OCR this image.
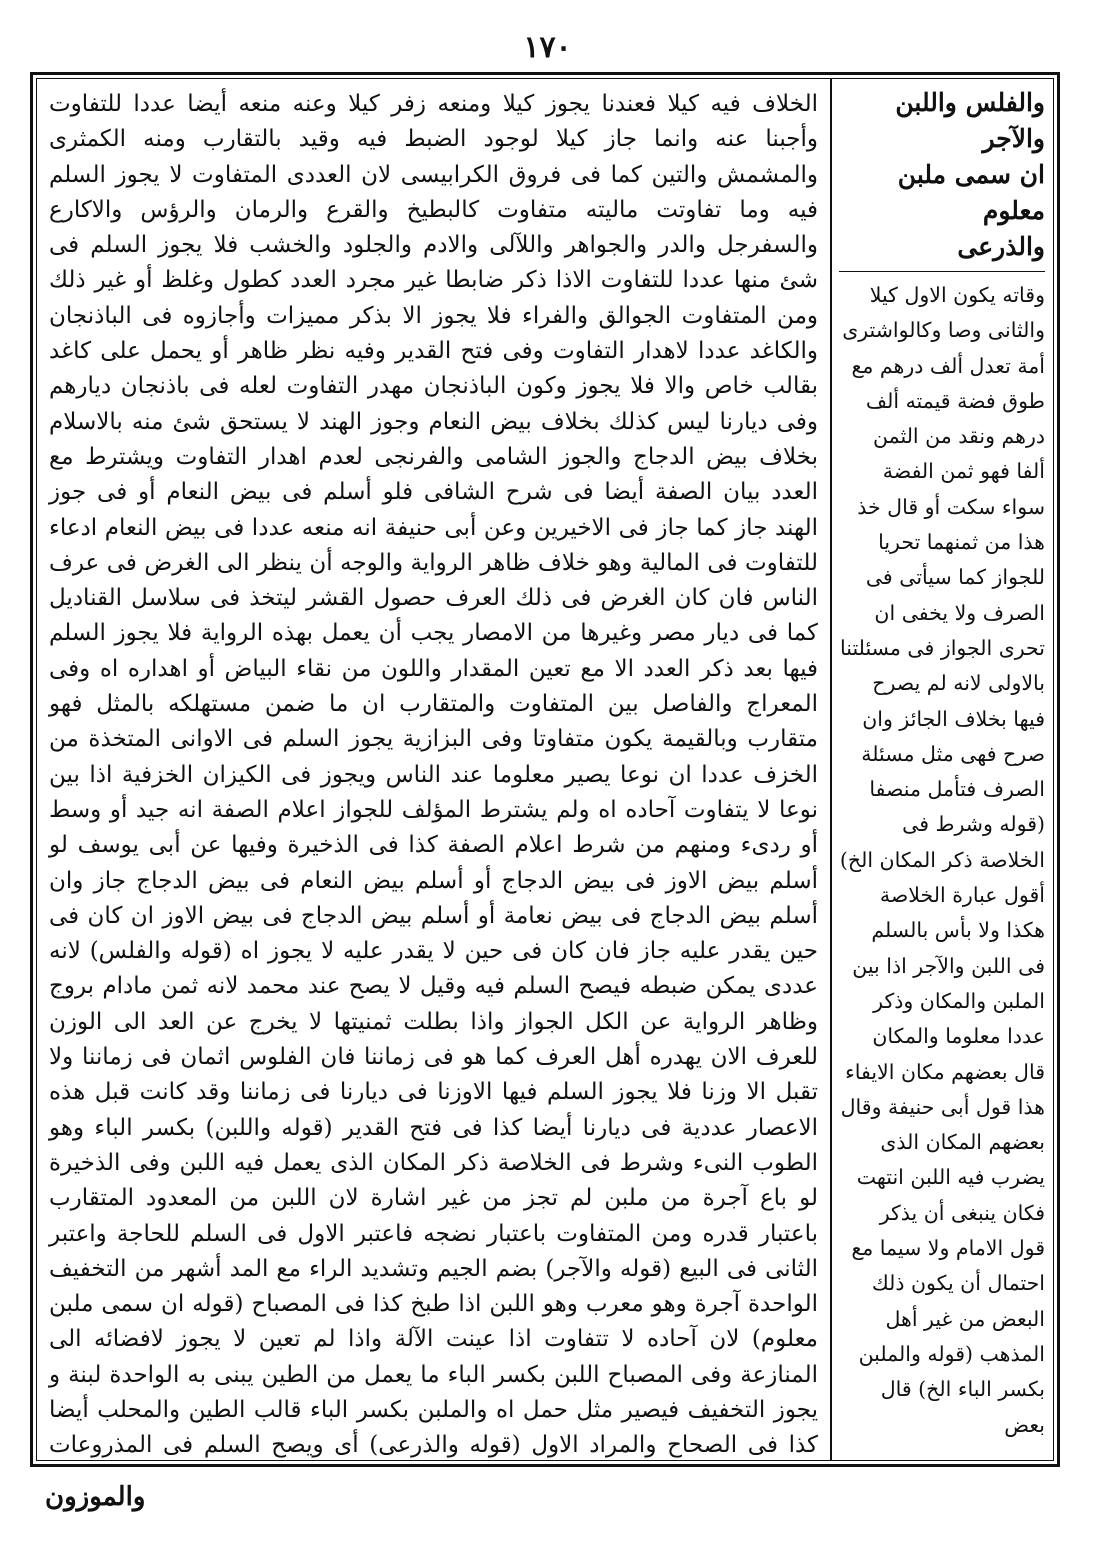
١٧٠

الخلاف فيه كيلا فعندنا يجوز كيلا ومنعه زفر كيلا وعنه منعه أيضا عددا للتفاوت وأجبنا عنه وانما جاز كيلا لوجود الضبط فيه وقيد بالتقارب ومنه الكمثرى والمشمش والتين كما فى فروق الكرابيسى لان العددى المتفاوت لا يجوز السلم فيه وما تفاوتت ماليته متفاوت كالبطيخ والقرع والرمان والرؤس والاكارع والسفرجل والدر والجواهر واللآلى والادم والجلود والخشب فلا يجوز السلم فى شئ منها عددا للتفاوت الاذا ذكر ضابطا غير مجرد العدد كطول وغلظ أو غير ذلك ومن المتفاوت الجوالق والفراء فلا يجوز الا بذكر مميزات وأجازوه فى الباذنجان والكاغد عددا لاهدار التفاوت وفى فتح القدير وفيه نظر ظاهر أو يحمل على كاغد بقالب خاص والا فلا يجوز وكون الباذنجان مهدر التفاوت لعله فى باذنجان ديارهم وفى ديارنا ليس كذلك بخلاف بيض النعام وجوز الهند لا يستحق شئ منه بالاسلام بخلاف بيض الدجاج والجوز الشامى والفرنجى لعدم اهدار التفاوت ويشترط مع العدد بيان الصفة أيضا فى شرح الشافى فلو أسلم فى بيض النعام أو فى جوز الهند جاز كما جاز فى الاخيرين وعن أبى حنيفة انه منعه عددا فى بيض النعام ادعاء للتفاوت فى المالية وهو خلاف ظاهر الرواية والوجه أن ينظر الى الغرض فى عرف الناس فان كان الغرض فى ذلك العرف حصول القشر ليتخذ فى سلاسل القناديل كما فى ديار مصر وغيرها من الامصار يجب أن يعمل بهذه الرواية فلا يجوز السلم فيها بعد ذكر العدد الا مع تعين المقدار واللون من نقاء البياض أو اهداره اه وفى المعراج والفاصل بين المتفاوت والمتقارب ان ما ضمن مستهلكه بالمثل فهو متقارب وبالقيمة يكون متفاوتا وفى البزازية يجوز السلم فى الاوانى المتخذة من الخزف عددا ان نوعا يصير معلوما عند الناس ويجوز فى الكيزان الخزفية اذا بين نوعا لا يتفاوت آحاده اه ولم يشترط المؤلف للجواز اعلام الصفة انه جيد أو وسط أو ردىء ومنهم من شرط اعلام الصفة كذا فى الذخيرة وفيها عن أبى يوسف لو أسلم بيض الاوز فى بيض الدجاج أو أسلم بيض النعام فى بيض الدجاج جاز وان أسلم بيض الدجاج فى بيض نعامة أو أسلم بيض الدجاج فى بيض الاوز ان كان فى حين يقدر عليه جاز فان كان فى حين لا يقدر عليه لا يجوز اه (قوله والفلس) لانه عددى يمكن ضبطه فيصح السلم فيه وقيل لا يصح عند محمد لانه ثمن مادام بروج وظاهر الرواية عن الكل الجواز واذا بطلت ثمنيتها لا يخرج عن العد الى الوزن للعرف الان يهدره أهل العرف كما هو فى زماننا فان الفلوس اثمان فى زماننا ولا تقبل الا وزنا فلا يجوز السلم فيها الاوزنا فى ديارنا فى زماننا وقد كانت قبل هذه الاعصار عددية فى ديارنا أيضا كذا فى فتح القدير (قوله واللبن) بكسر الباء وهو الطوب النىء وشرط فى الخلاصة ذكر المكان الذى يعمل فيه اللبن وفى الذخيرة لو باع آجرة من ملبن لم تجز من غير اشارة لان اللبن من المعدود المتقارب باعتبار قدره ومن المتفاوت باعتبار نضجه فاعتبر الاول فى السلم للحاجة واعتبر الثانى فى البيع (قوله والآجر) بضم الجيم وتشديد الراء مع المد أشهر من التخفيف الواحدة آجرة وهو معرب وهو اللبن اذا طبخ كذا فى المصباح (قوله ان سمى ملبن معلوم) لان آحاده لا تتفاوت اذا عينت الآلة واذا لم تعين لا يجوز لافضائه الى المنازعة وفى المصباح اللبن بكسر الباء ما يعمل من الطين يبنى به الواحدة لبنة و يجوز التخفيف فيصير مثل حمل اه والملبن بكسر الباء قالب الطين والمحلب أيضا كذا فى الصحاح والمراد الاول (قوله والذرعى) أى ويصح السلم فى المذروعات

والفلس واللبن والآجر
ان سمى ملبن معلوم
والذرعى

وقاته يكون الاول كيلا والثانى وصا وكالواشترى أمة تعدل ألف درهم مع طوق فضة قيمته ألف درهم ونقد من الثمن ألفا فهو ثمن الفضة سواء سكت أو قال خذ هذا من ثمنهما تحريا للجواز كما سيأتى فى الصرف ولا يخفى ان تحرى الجواز فى مسئلتنا بالاولى لانه لم يصرح فيها بخلاف الجائز وان صرح فهى مثل مسئلة الصرف فتأمل منصفا (قوله وشرط فى الخلاصة ذكر المكان الخ) أقول عبارة الخلاصة هكذا ولا بأس بالسلم فى اللبن والآجر اذا بين الملبن والمكان وذكر عددا معلوما والمكان قال بعضهم مكان الايفاء هذا قول أبى حنيفة وقال بعضهم المكان الذى يضرب فيه اللبن انتهت فكان ينبغى أن يذكر قول الامام ولا سيما مع احتمال أن يكون ذلك البعض من غير أهل المذهب (قوله والملبن بكسر الباء الخ) قال بعض

والموزون
